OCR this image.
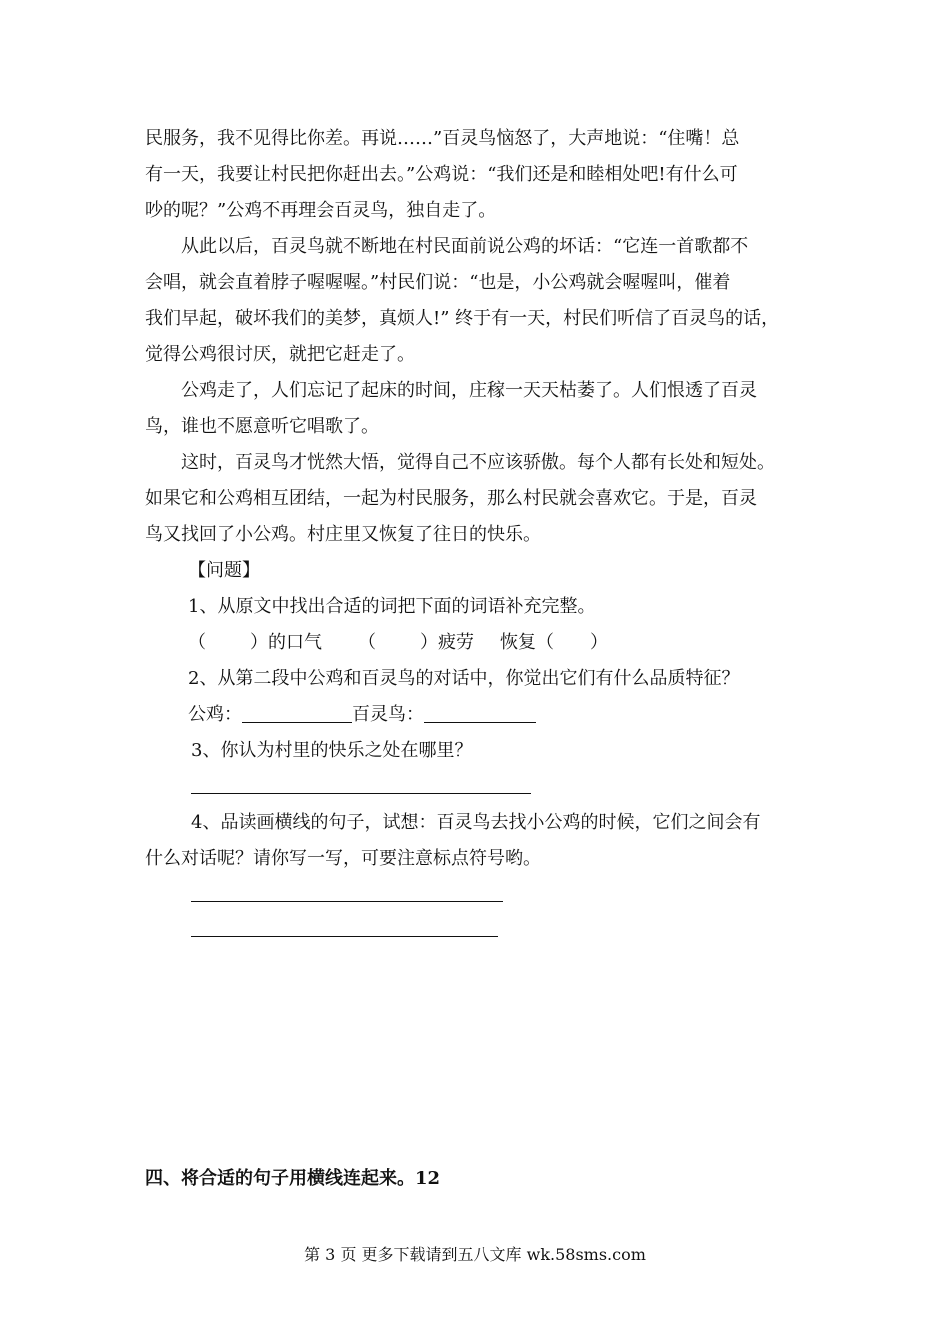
民服务，我不见得比你差。再说……”百灵鸟恼怒了，大声地说：“住嘴！总
有一天，我要让村民把你赶出去。”公鸡说：“我们还是和睦相处吧!有什么可
吵的呢？”公鸡不再理会百灵鸟，独自走了。
从此以后，百灵鸟就不断地在村民面前说公鸡的坏话：“它连一首歌都不
会唱，就会直着脖子喔喔喔。”村民们说：“也是，小公鸡就会喔喔叫，催着
我们早起，破坏我们的美梦，真烦人!” 终于有一天，村民们听信了百灵鸟的话，
觉得公鸡很讨厌，就把它赶走了。
公鸡走了，人们忘记了起床的时间，庄稼一天天枯萎了。人们恨透了百灵
鸟，谁也不愿意听它唱歌了。
这时，百灵鸟才恍然大悟，觉得自己不应该骄傲。每个人都有长处和短处。
如果它和公鸡相互团结，一起为村民服务，那么村民就会喜欢它。于是，百灵
鸟又找回了小公鸡。村庄里又恢复了往日的快乐。
【问题】
1、从原文中找出合适的词把下面的词语补充完整。
（ ）的口气 （ ）疲劳 恢复（ ）
2、从第二段中公鸡和百灵鸟的对话中，你觉出它们有什么品质特征？
公鸡：	百灵鸟：
3、你认为村里的快乐之处在哪里？
4、品读画横线的句子，试想：百灵鸟去找小公鸡的时候，它们之间会有
什么对话呢？请你写一写，可要注意标点符号哟。
四、将合适的句子用横线连起来。12
第 3 页 更多下载请到五八文库 wk.58sms.com
